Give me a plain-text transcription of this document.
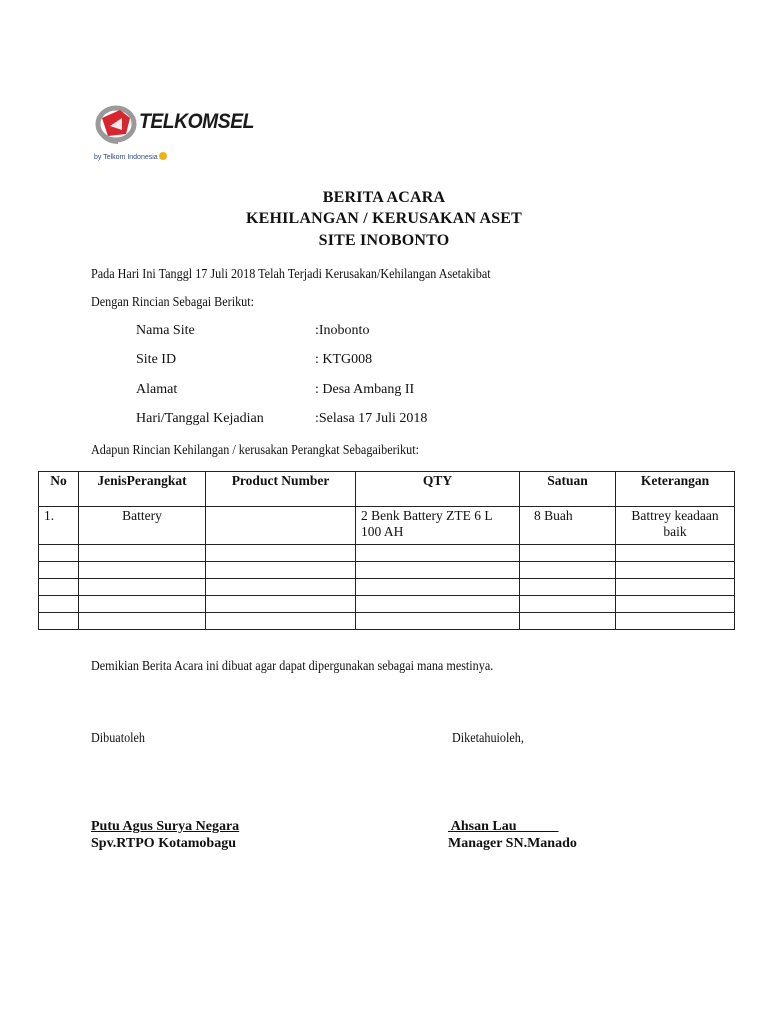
TELKOMSEL
by Telkom Indonesia
BERITA ACARA
KEHILANGAN / KERUSAKAN ASET
SITE INOBONTO
Pada Hari Ini Tanggl 17 Juli 2018 Telah Terjadi Kerusakan/Kehilangan Asetakibat
Dengan Rincian Sebagai Berikut:
Nama Site	:Inobonto
Site ID	: KTG008
Alamat	: Desa Ambang II
Hari/Tanggal Kejadian	:Selasa 17 Juli 2018
Adapun Rincian Kehilangan / kerusakan Perangkat Sebagaiberikut:
No	JenisPerangkat	Product Number	QTY	Satuan	Keterangan
1.	Battery		2 Benk Battery ZTE 6 L 100 AH	8 Buah	Battrey keadaan baik

Demikian Berita Acara ini dibuat agar dapat dipergunakan sebagai mana mestinya.
Dibuatoleh	Diketahuioleh,
Putu Agus Surya Negara
Spv.RTPO Kotamobagu
Ahsan Lau
Manager SN.Manado
